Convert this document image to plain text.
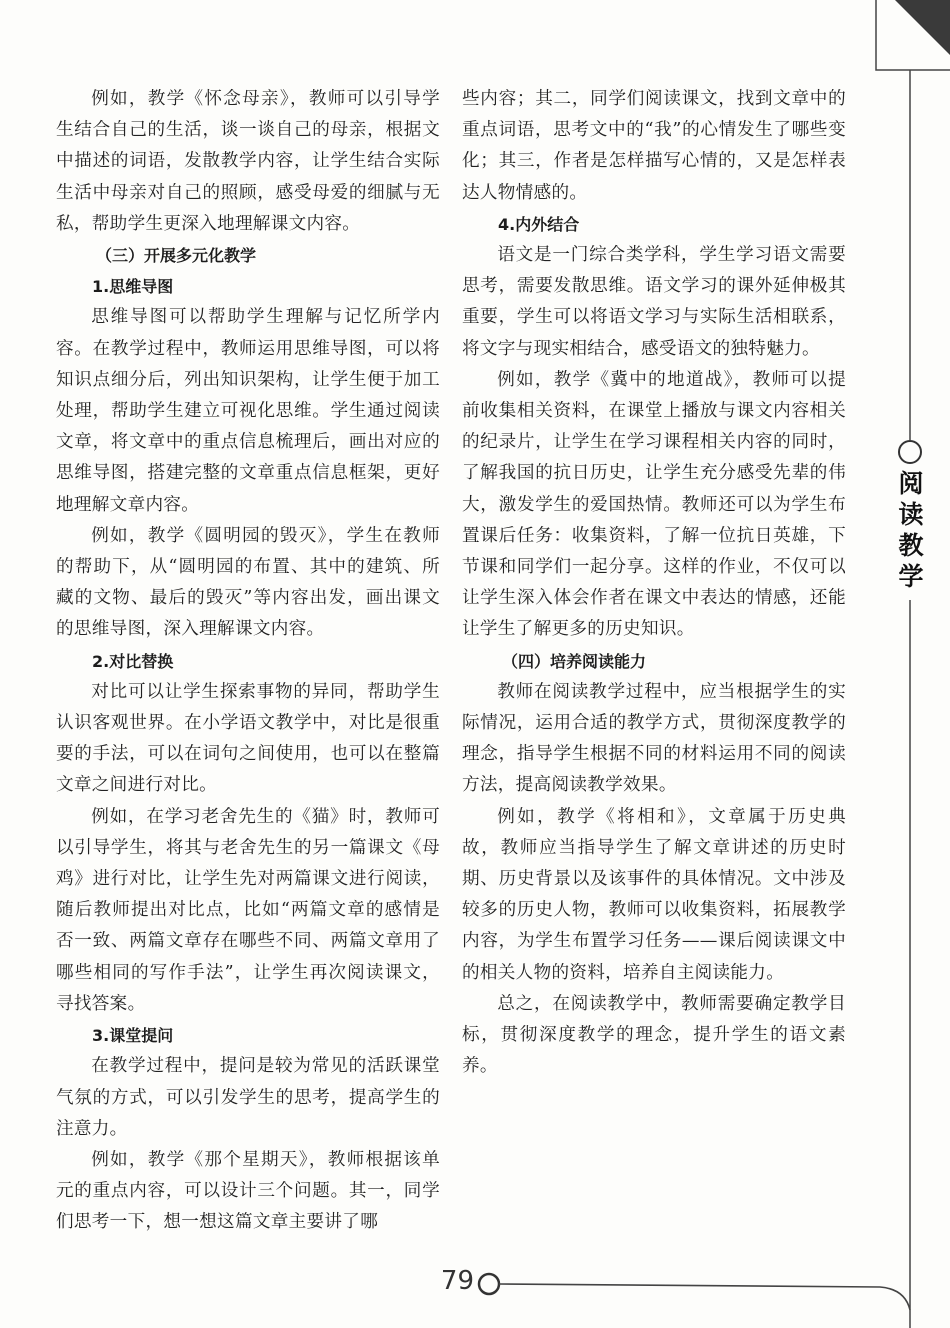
阅读教学

例如，教学《怀念母亲》，教师可以引导学生结合自己的生活，谈一谈自己的母亲，根据文中描述的词语，发散教学内容，让学生结合实际生活中母亲对自己的照顾，感受母爱的细腻与无私，帮助学生更深入地理解课文内容。

（三）开展多元化教学
1.思维导图

思维导图可以帮助学生理解与记忆所学内容。在教学过程中，教师运用思维导图，可以将知识点细分后，列出知识架构，让学生便于加工处理，帮助学生建立可视化思维。学生通过阅读文章，将文章中的重点信息梳理后，画出对应的思维导图，搭建完整的文章重点信息框架，更好地理解文章内容。

例如，教学《圆明园的毁灭》，学生在教师的帮助下，从“圆明园的布置、其中的建筑、所藏的文物、最后的毁灭”等内容出发，画出课文的思维导图，深入理解课文内容。

2.对比替换

对比可以让学生探索事物的异同，帮助学生认识客观世界。在小学语文教学中，对比是很重要的手法，可以在词句之间使用，也可以在整篇文章之间进行对比。

例如，在学习老舍先生的《猫》时，教师可以引导学生，将其与老舍先生的另一篇课文《母鸡》进行对比，让学生先对两篇课文进行阅读，随后教师提出对比点，比如“两篇文章的感情是否一致、两篇文章存在哪些不同、两篇文章用了哪些相同的写作手法”，让学生再次阅读课文，寻找答案。

3.课堂提问

在教学过程中，提问是较为常见的活跃课堂气氛的方式，可以引发学生的思考，提高学生的注意力。

例如，教学《那个星期天》，教师根据该单元的重点内容，可以设计三个问题。其一，同学们思考一下，想一想这篇文章主要讲了哪

些内容；其二，同学们阅读课文，找到文章中的重点词语，思考文中的“我”的心情发生了哪些变化；其三，作者是怎样描写心情的，又是怎样表达人物情感的。

4.内外结合

语文是一门综合类学科，学生学习语文需要思考，需要发散思维。语文学习的课外延伸极其重要，学生可以将语文学习与实际生活相联系，将文字与现实相结合，感受语文的独特魅力。

例如，教学《冀中的地道战》，教师可以提前收集相关资料，在课堂上播放与课文内容相关的纪录片，让学生在学习课程相关内容的同时，了解我国的抗日历史，让学生充分感受先辈的伟大，激发学生的爱国热情。教师还可以为学生布置课后任务：收集资料，了解一位抗日英雄，下节课和同学们一起分享。这样的作业，不仅可以让学生深入体会作者在课文中表达的情感，还能让学生了解更多的历史知识。

（四）培养阅读能力

教师在阅读教学过程中，应当根据学生的实际情况，运用合适的教学方式，贯彻深度教学的理念，指导学生根据不同的材料运用不同的阅读方法，提高阅读教学效果。

例如，教学《将相和》，文章属于历史典故，教师应当指导学生了解文章讲述的历史时期、历史背景以及该事件的具体情况。文中涉及较多的历史人物，教师可以收集资料，拓展教学内容，为学生布置学习任务——课后阅读课文中的相关人物的资料，培养自主阅读能力。

总之，在阅读教学中，教师需要确定教学目标，贯彻深度教学的理念，提升学生的语文素养。

79
